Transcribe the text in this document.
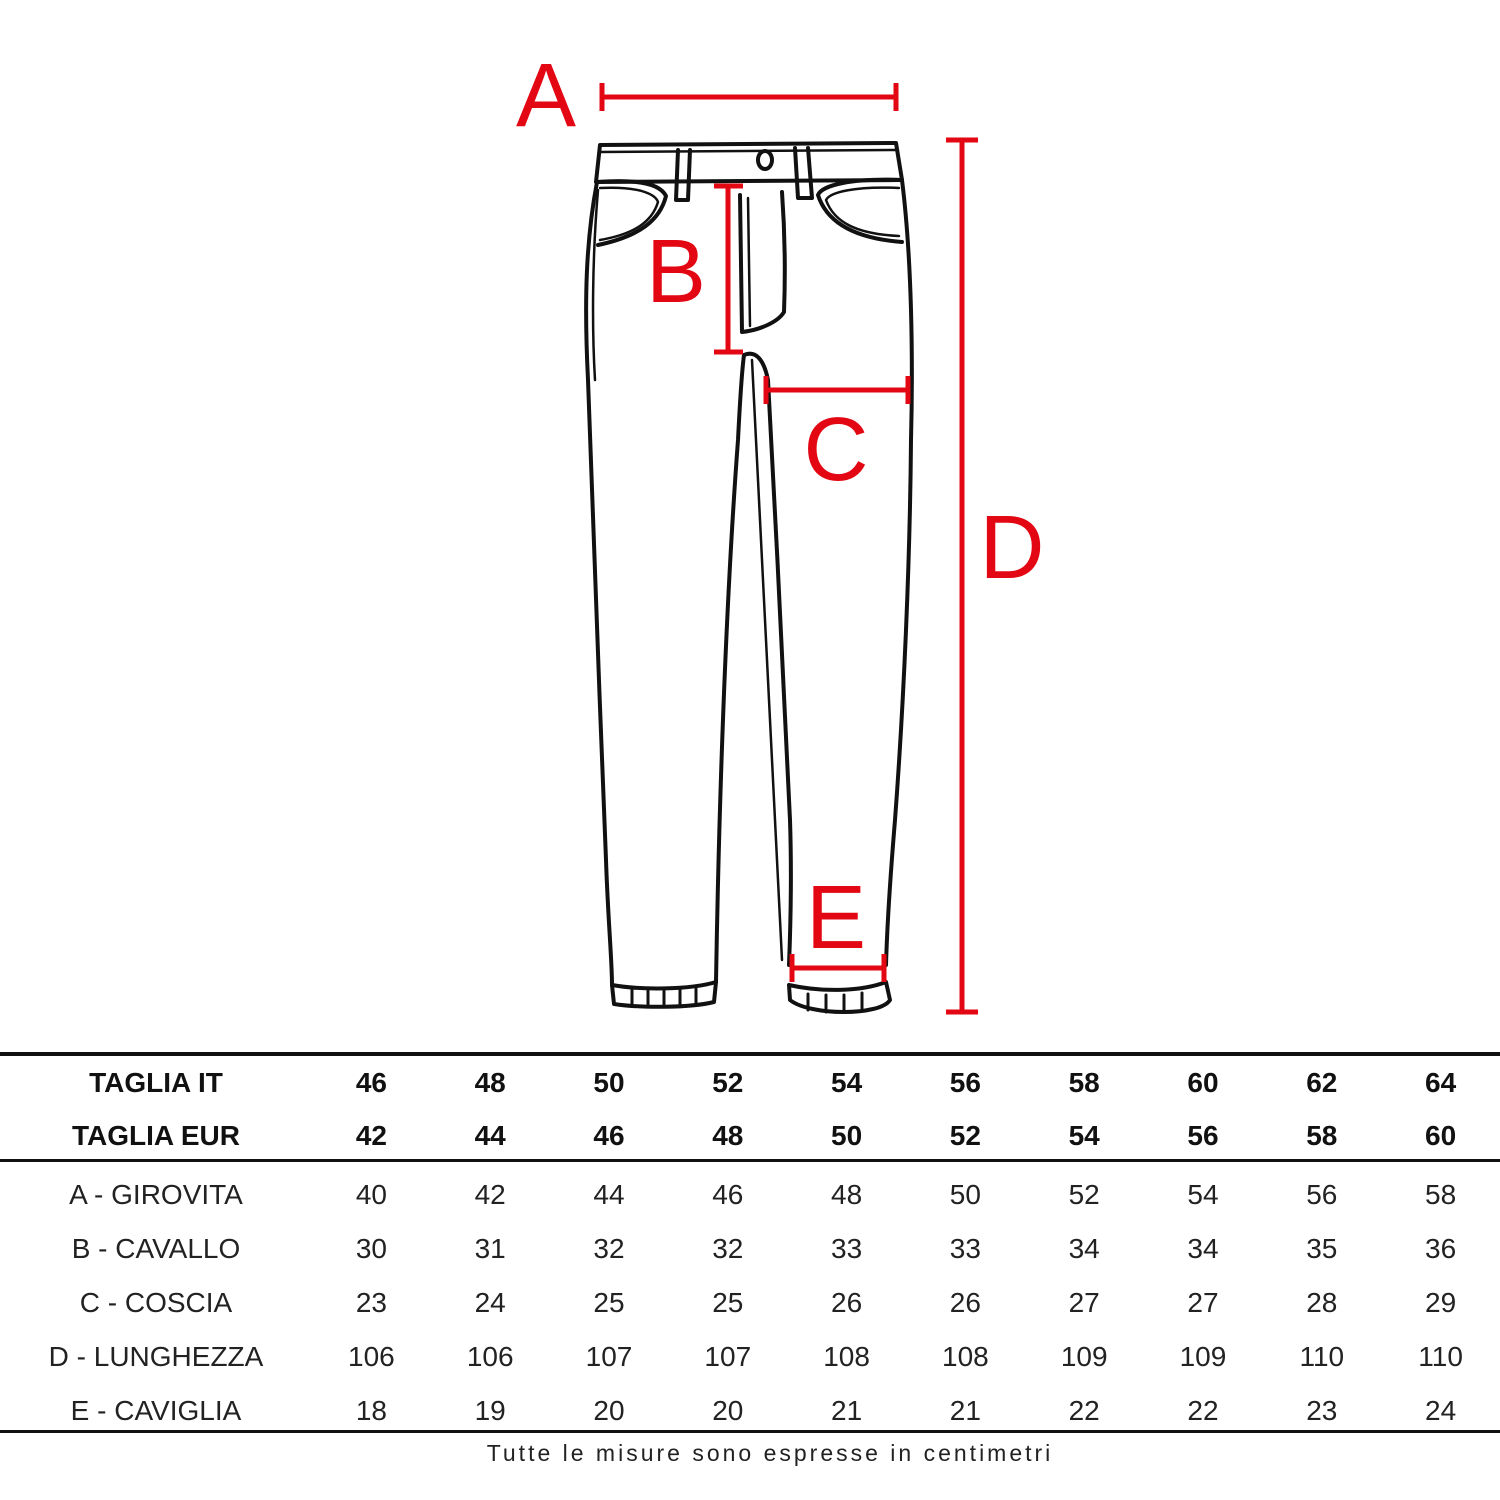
A
B
C
D
E
TAGLIA IT	46	48	50	52	54	56	58	60	62	64
TAGLIA EUR	42	44	46	48	50	52	54	56	58	60

A - GIROVITA	40	42	44	46	48	50	52	54	56	58
B - CAVALLO	30	31	32	32	33	33	34	34	35	36
C - COSCIA	23	24	25	25	26	26	27	27	28	29
D - LUNGHEZZA	106	106	107	107	108	108	109	109	110	110
E - CAVIGLIA	18	19	20	20	21	21	22	22	23	24
Tutte le misure sono espresse in centimetri
